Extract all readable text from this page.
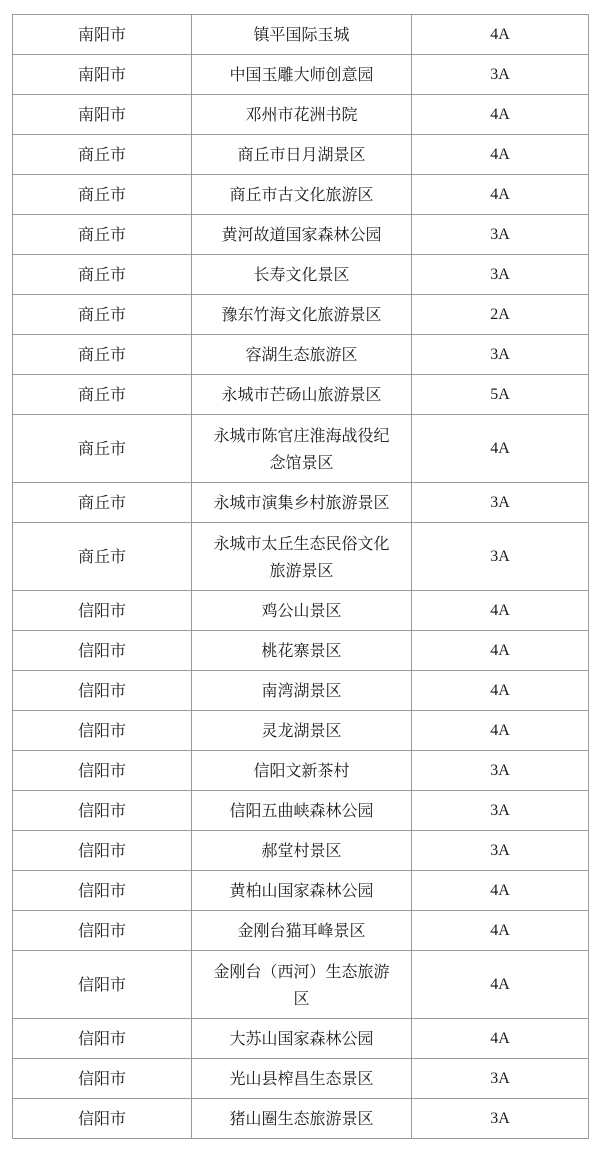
南阳市	镇平国际玉城	4A
南阳市	中国玉雕大师创意园	3A
南阳市	邓州市花洲书院	4A
商丘市	商丘市日月湖景区	4A
商丘市	商丘市古文化旅游区	4A
商丘市	黄河故道国家森林公园	3A
商丘市	长寿文化景区	3A
商丘市	豫东竹海文化旅游景区	2A
商丘市	容湖生态旅游区	3A
商丘市	永城市芒砀山旅游景区	5A
商丘市	永城市陈官庄淮海战役纪念馆景区	4A
商丘市	永城市演集乡村旅游景区	3A
商丘市	永城市太丘生态民俗文化旅游景区	3A
信阳市	鸡公山景区	4A
信阳市	桃花寨景区	4A
信阳市	南湾湖景区	4A
信阳市	灵龙湖景区	4A
信阳市	信阳文新茶村	3A
信阳市	信阳五曲峡森林公园	3A
信阳市	郝堂村景区	3A
信阳市	黄柏山国家森林公园	4A
信阳市	金刚台猫耳峰景区	4A
信阳市	金刚台（西河）生态旅游区	4A
信阳市	大苏山国家森林公园	4A
信阳市	光山县榨昌生态景区	3A
信阳市	猪山圈生态旅游景区	3A
